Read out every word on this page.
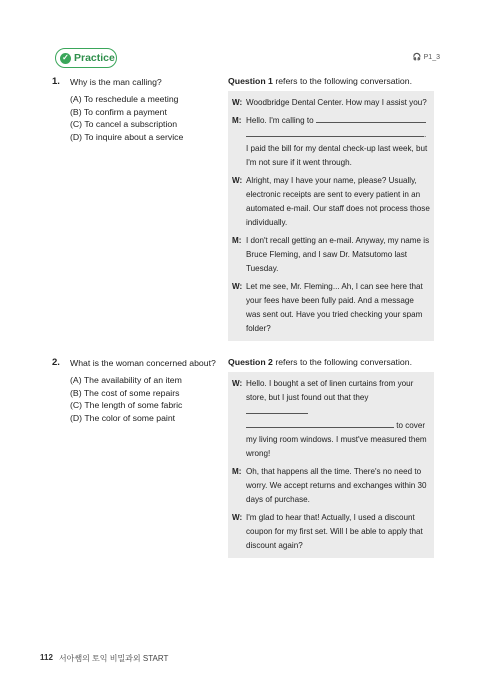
✓ Practice	🎧 P1_3
1.	Why is the man calling?
(A) To reschedule a meeting
(B) To confirm a payment
(C) To cancel a subscription
(D) To inquire about a service
Question 1 refers to the following conversation.
W: Woodbridge Dental Center. How may I assist you?
M: Hello. I'm calling to
. I paid the bill for my dental check-up last week, but I'm not sure if it went through.
W: Alright, may I have your name, please? Usually, electronic receipts are sent to every patient in an automated e-mail. Our staff does not process those individually.
M: I don't recall getting an e-mail. Anyway, my name is Bruce Fleming, and I saw Dr. Matsutomo last Tuesday.
W: Let me see, Mr. Fleming... Ah, I can see here that your fees have been fully paid. And a message was sent out. Have you tried checking your spam folder?
2.	What is the woman concerned about?
(A) The availability of an item
(B) The cost of some repairs
(C) The length of some fabric
(D) The color of some paint
Question 2 refers to the following conversation.
W: Hello. I bought a set of linen curtains from your store, but I just found out that they   to cover my living room windows. I must've measured them wrong!
M: Oh, that happens all the time. There's no need to worry. We accept returns and exchanges within 30 days of purchase.
W: I'm glad to hear that! Actually, I used a discount coupon for my first set. Will I be able to apply that discount again?
112 서아쌤의 토익 비밀과외 START
